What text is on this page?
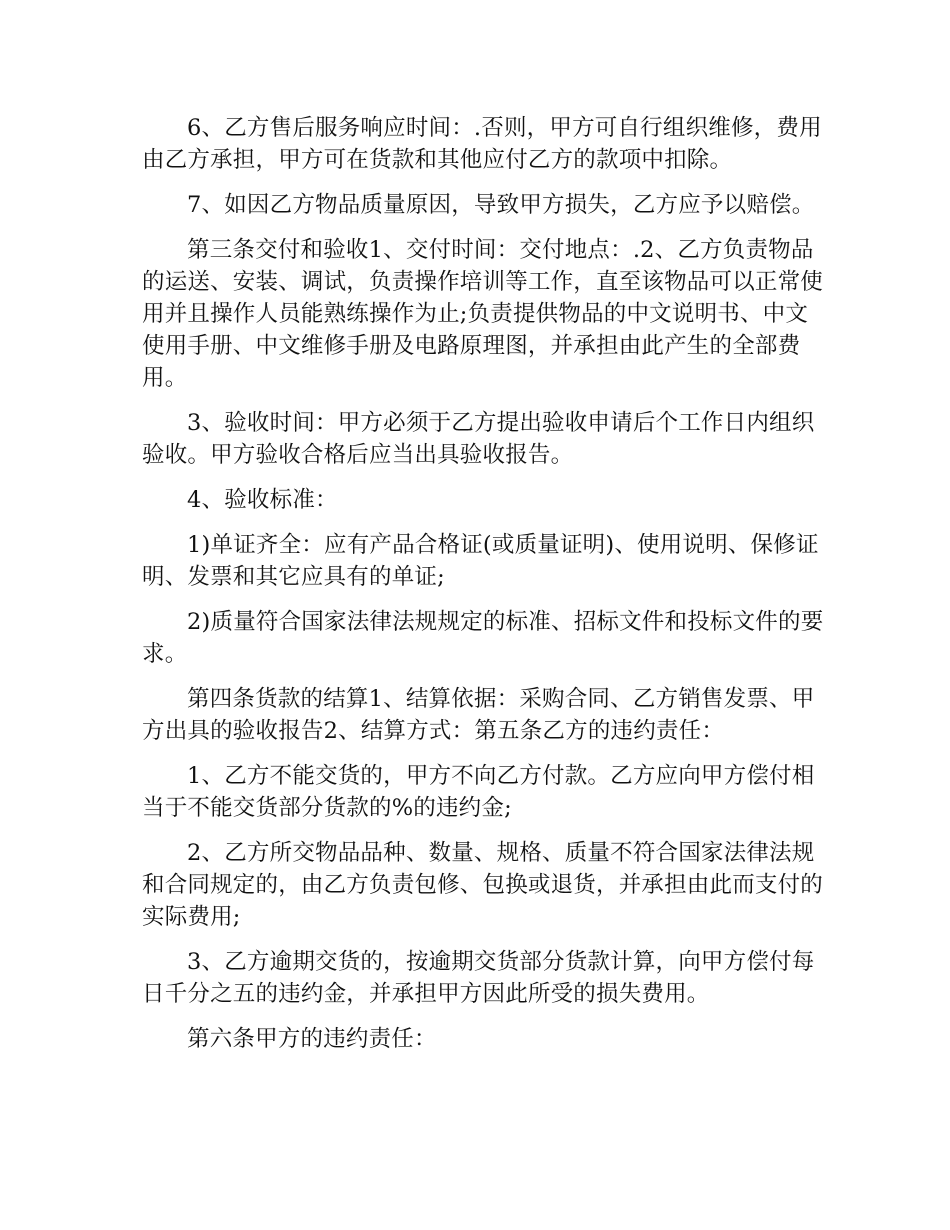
6、乙方售后服务响应时间：.否则，甲方可自行组织维修，费用由乙方承担，甲方可在货款和其他应付乙方的款项中扣除。

7、如因乙方物品质量原因，导致甲方损失，乙方应予以赔偿。

第三条交付和验收1、交付时间：交付地点：.2、乙方负责物品的运送、安装、调试，负责操作培训等工作，直至该物品可以正常使用并且操作人员能熟练操作为止;负责提供物品的中文说明书、中文使用手册、中文维修手册及电路原理图，并承担由此产生的全部费用。

3、验收时间：甲方必须于乙方提出验收申请后个工作日内组织验收。甲方验收合格后应当出具验收报告。

4、验收标准：

1)单证齐全：应有产品合格证(或质量证明)、使用说明、保修证明、发票和其它应具有的单证;

2)质量符合国家法律法规规定的标准、招标文件和投标文件的要求。

第四条货款的结算1、结算依据：采购合同、乙方销售发票、甲方出具的验收报告2、结算方式：第五条乙方的违约责任：

1、乙方不能交货的，甲方不向乙方付款。乙方应向甲方偿付相当于不能交货部分货款的%的违约金;

2、乙方所交物品品种、数量、规格、质量不符合国家法律法规和合同规定的，由乙方负责包修、包换或退货，并承担由此而支付的实际费用;

3、乙方逾期交货的，按逾期交货部分货款计算，向甲方偿付每日千分之五的违约金，并承担甲方因此所受的损失费用。

第六条甲方的违约责任：
